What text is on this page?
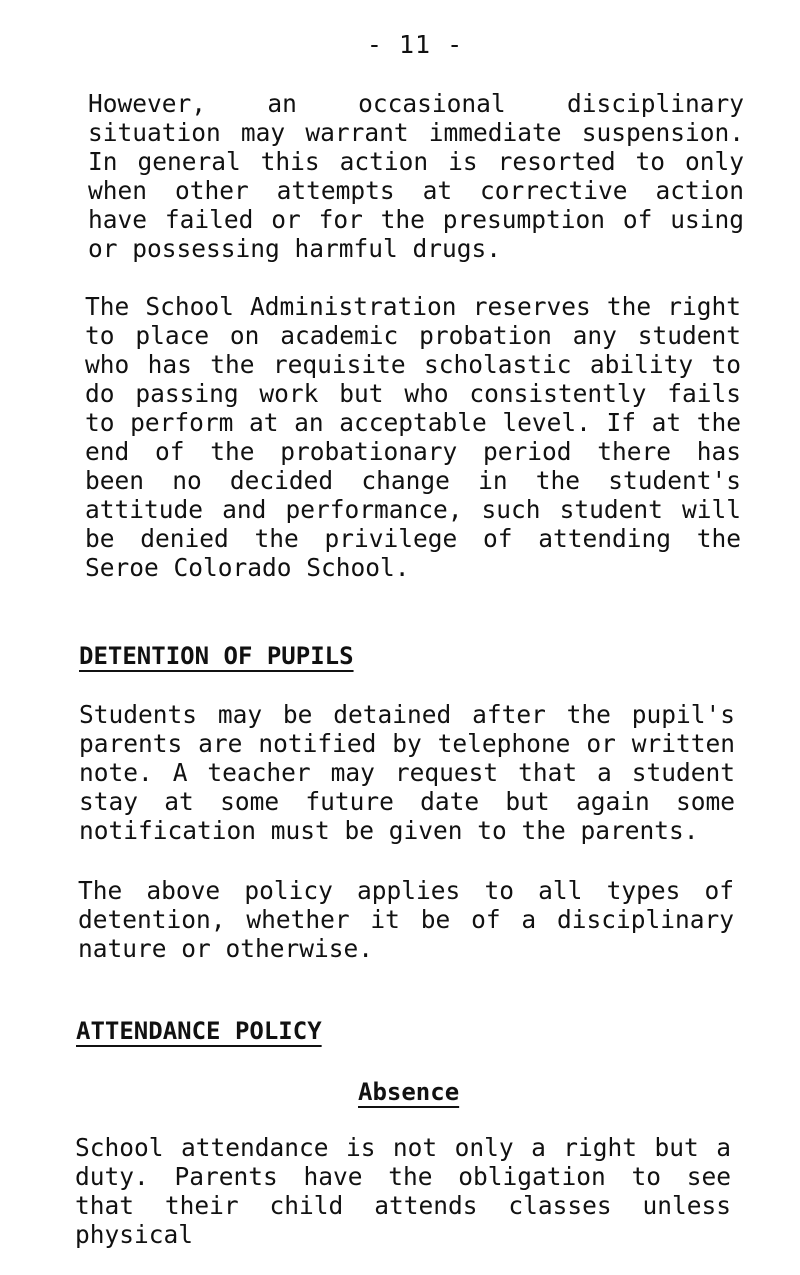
- 11 -

However, an occasional disciplinary situation may warrant immediate suspension. In general this action is resorted to only when other attempts at corrective action have failed or for the presumption of using or possessing harmful drugs.

The School Administration reserves the right to place on academic probation any student who has the requisite scholastic ability to do passing work but who consistently fails to perform at an acceptable level. If at the end of the probationary period there has been no decided change in the student's attitude and performance, such student will be denied the privilege of attending the Seroe Colorado School.

DETENTION OF PUPILS

Students may be detained after the pupil's parents are notified by telephone or written note. A teacher may request that a student stay at some future date but again some notification must be given to the parents.

The above policy applies to all types of detention, whether it be of a disciplinary nature or otherwise.

ATTENDANCE POLICY
Absence

School attendance is not only a right but a duty. Parents have the obligation to see that their child attends classes unless physical
